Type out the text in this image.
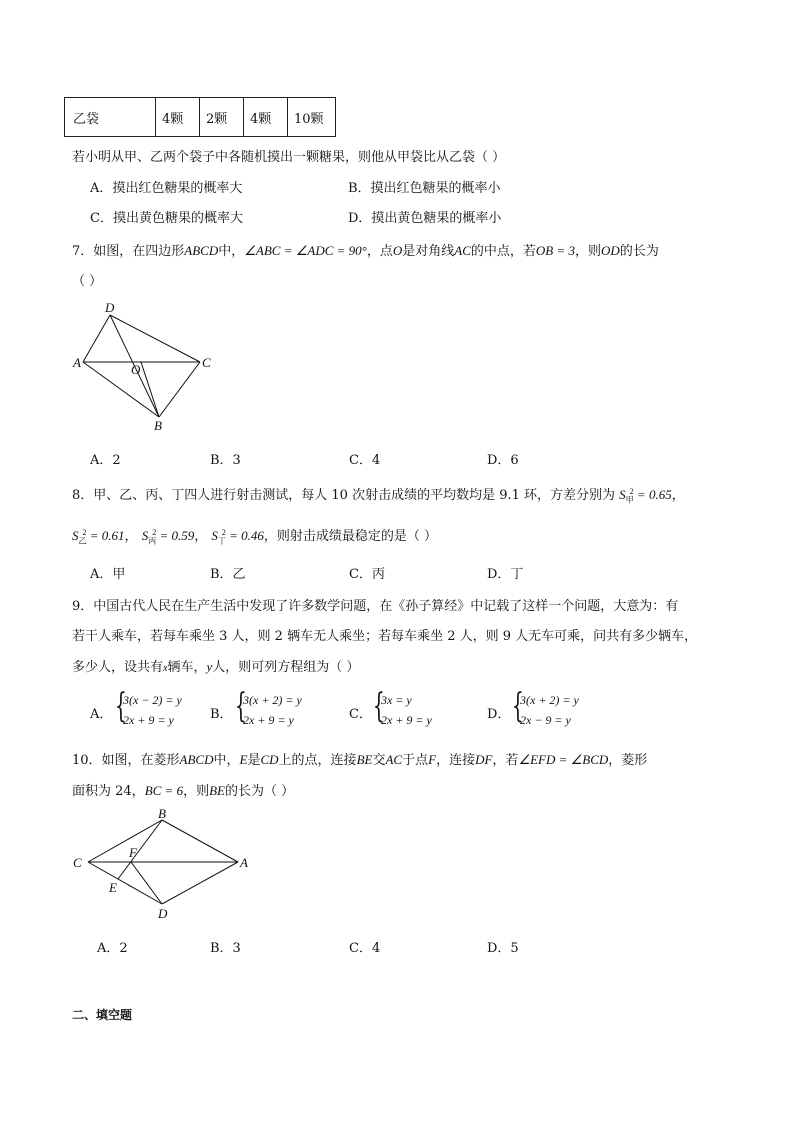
乙袋	4颗	2颗	4颗	10颗
若小明从甲、乙两个袋子中各随机摸出一颗糖果，则他从甲袋比从乙袋（ ）
A．摸出红色糖果的概率大	B．摸出红色糖果的概率小
C．摸出黄色糖果的概率大	D．摸出黄色糖果的概率小
7．如图，在四边形ABCD中，∠ABC = ∠ADC = 90°，点O是对角线AC的中点，若OB = 3，则OD的长为
（ ）
D
A	O	C
B
A．2	B．3	C．4	D．6
8．甲、乙、丙、丁四人进行射击测试，每人 10 次射击成绩的平均数均是 9.1 环，方差分别为 $S_甲^2 = 0.65$，
$S_乙^2 = 0.61$， $S_丙^2 = 0.59$， $S_丁^2 = 0.46$，则射击成绩最稳定的是（ ）
A．甲	B．乙	C．丙	D．丁
9．中国古代人民在生产生活中发现了许多数学问题，在《孙子算经》中记载了这样一个问题，大意为：有
若干人乘车，若每车乘坐 3 人，则 2 辆车无人乘坐；若每车乘坐 2 人，则 9 人无车可乘，问共有多少辆车，
多少人，设共有x辆车，y人，则可列方程组为（ ）
A． {
3(x − 2) = y
2x + 9 = y	B． {
3(x + 2) = y
2x + 9 = y	C． {
3x = y
2x + 9 = y	D． {
3(x + 2) = y
2x − 9 = y
10．如图，在菱形ABCD中，E是CD上的点，连接BE交AC于点F，连接DF，若∠EFD = ∠BCD，菱形
面积为 24，BC = 6，则BE的长为（ ）
B
C
F
A
E
D
A．2	B．3	C．4	D．5
二、填空题
